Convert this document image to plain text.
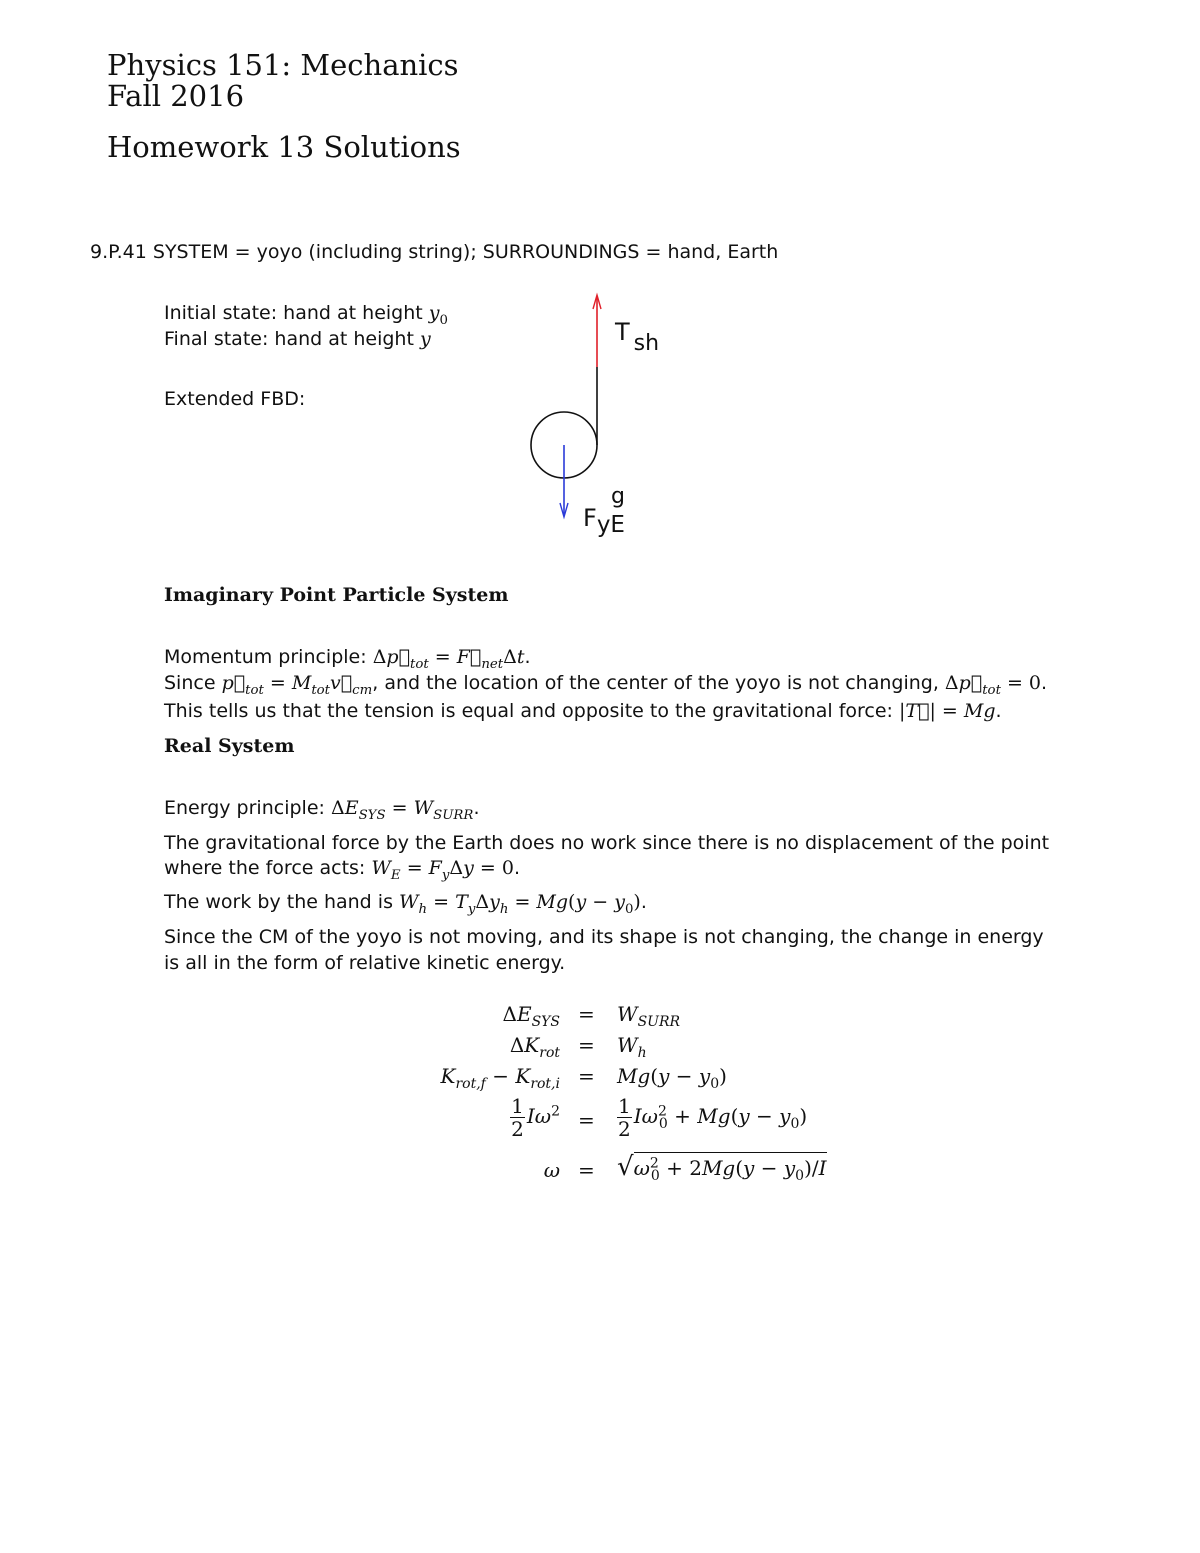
Physics 151: Mechanics
Fall 2016
Homework 13 Solutions
9.P.41 SYSTEM = yoyo (including string); SURROUNDINGS = hand, Earth
Initial state: hand at height $y_0$
Final state: hand at height y
Extended FBD:
T sh
FyE
g
Imaginary Point Particle System
Momentum principle: $\Delta p⃗_{tot}$ = $F⃗_{net}\Delta t$.
Since $p⃗_{tot}$ = $M_{tot}v⃗_{cm}$, and the location of the center of the yoyo is not changing, $\Delta p⃗_{tot} = 0$.
This tells us that the tension is equal and opposite to the gravitational force: |T⃗| = Mg.
Real System
Energy principle: $\Delta E_{SYS} = W_{SURR}$.
The gravitational force by the Earth does no work since there is no displacement of the point
where the force acts: $W_E = F_y\Delta y = 0$.
The work by the hand is $W_h = T_y\Delta y_h = Mg(y - y_0)$.
Since the CM of the yoyo is not moving, and its shape is not changing, the change in energy
is all in the form of relative kinetic energy.
$\Delta E_{SYS} = W_{SURR}$
$\Delta K_{rot} = W_h$
$K_{rot,f} - K_{rot,i} = Mg(y - y_0)$
$\frac{1}{2} I\omega^2 = \frac{1}{2} I\omega^2_0 + Mg(y - y_0)$
$\omega = √\omega^2_0 + 2Mg(y - y_0)/I$
